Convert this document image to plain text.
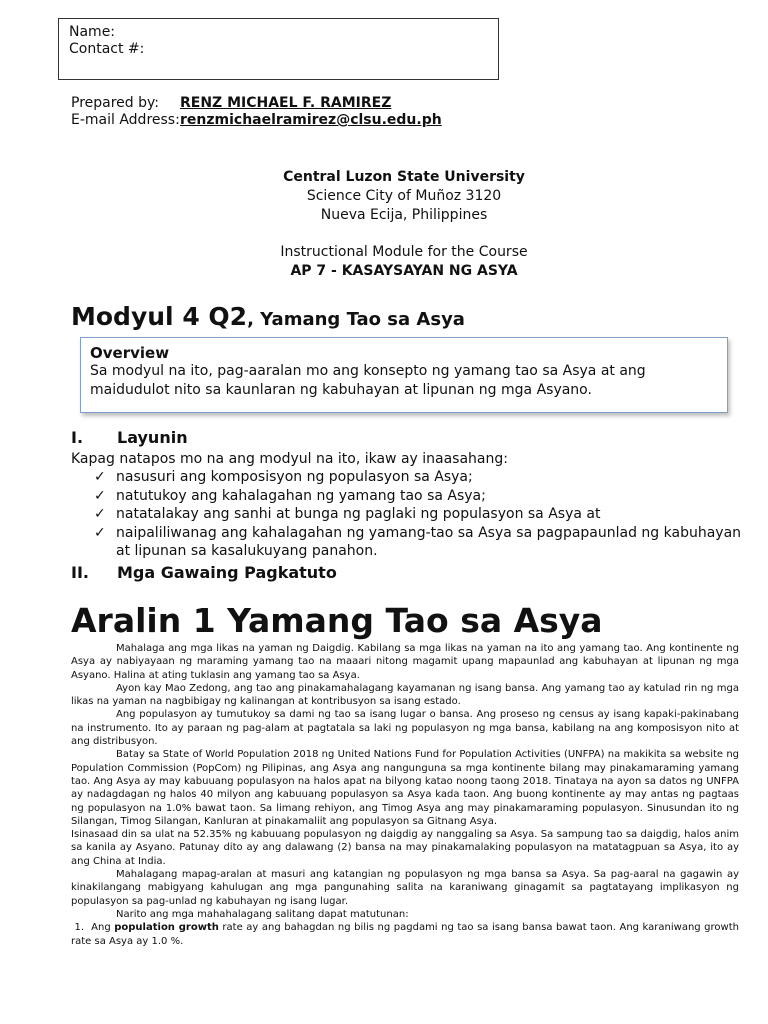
Name:
Contact #:
Prepared by: RENZ MICHAEL F. RAMIREZ
E-mail Address:renzmichaelramirez@clsu.edu.ph
Central Luzon State University
Science City of Muñoz 3120
Nueva Ecija, Philippines
Instructional Module for the Course
AP 7 - KASAYSAYAN NG ASYA
Modyul 4 Q2, Yamang Tao sa Asya
Overview
Sa modyul na ito, pag-aaralan mo ang konsepto ng yamang tao sa Asya at ang maidudulot nito sa kaunlaran ng kabuhayan at lipunan ng mga Asyano.
I. Layunin
Kapag natapos mo na ang modyul na ito, ikaw ay inaasahang:
✓ nasusuri ang komposisyon ng populasyon sa Asya;
✓ natutukoy ang kahalagahan ng yamang tao sa Asya;
✓ natatalakay ang sanhi at bunga ng paglaki ng populasyon sa Asya at
✓ naipaliliwanag ang kahalagahan ng yamang-tao sa Asya sa pagpapaunlad ng kabuhayan at lipunan sa kasalukuyang panahon.
II. Mga Gawaing Pagkatuto
Aralin 1 Yamang Tao sa Asya

Mahalaga ang mga likas na yaman ng Daigdig. Kabilang sa mga likas na yaman na ito ang yamang tao. Ang kontinente ng Asya ay nabiyayaan ng maraming yamang tao na maaari nitong magamit upang mapaunlad ang kabuhayan at lipunan ng mga Asyano. Halina at ating tuklasin ang yamang tao sa Asya.

Ayon kay Mao Zedong, ang tao ang pinakamahalagang kayamanan ng isang bansa. Ang yamang tao ay katulad rin ng mga likas na yaman na nagbibigay ng kalinangan at kontribusyon sa isang estado.

Ang populasyon ay tumutukoy sa dami ng tao sa isang lugar o bansa. Ang proseso ng census ay isang kapaki-pakinabang na instrumento. Ito ay paraan ng pag-alam at pagtatala sa laki ng populasyon ng mga bansa, kabilang na ang komposisyon nito at ang distribusyon.

Batay sa State of World Population 2018 ng United Nations Fund for Population Activities (UNFPA) na makikita sa website ng Population Commission (PopCom) ng Pilipinas, ang Asya ang nangunguna sa mga kontinente bilang may pinakamaraming yamang tao. Ang Asya ay may kabuuang populasyon na halos apat na bilyong katao noong taong 2018. Tinataya na ayon sa datos ng UNFPA ay nadagdagan ng halos 40 milyon ang kabuuang populasyon sa Asya kada taon. Ang buong kontinente ay may antas ng pagtaas ng populasyon na 1.0% bawat taon. Sa limang rehiyon, ang Timog Asya ang may pinakamaraming populasyon. Sinusundan ito ng Silangan, Timog Silangan, Kanluran at pinakamaliit ang populasyon sa Gitnang Asya.

Isinasaad din sa ulat na 52.35% ng kabuuang populasyon ng daigdig ay nanggaling sa Asya. Sa sampung tao sa daigdig, halos anim sa kanila ay Asyano. Patunay dito ay ang dalawang (2) bansa na may pinakamalaking populasyon na matatagpuan sa Asya, ito ay ang China at India.

Mahalagang mapag-aralan at masuri ang katangian ng populasyon ng mga bansa sa Asya. Sa pag-aaral na gagawin ay kinakilangang mabigyang kahulugan ang mga pangunahing salita na karaniwang ginagamit sa pagtatayang implikasyon ng populasyon sa pag-unlad ng kabuhayan ng isang lugar.

Narito ang mga mahahalagang salitang dapat matutunan:

1.  Ang population growth rate ay ang bahagdan ng bilis ng pagdami ng tao sa isang bansa bawat taon. Ang karaniwang growth rate sa Asya ay 1.0 %.
